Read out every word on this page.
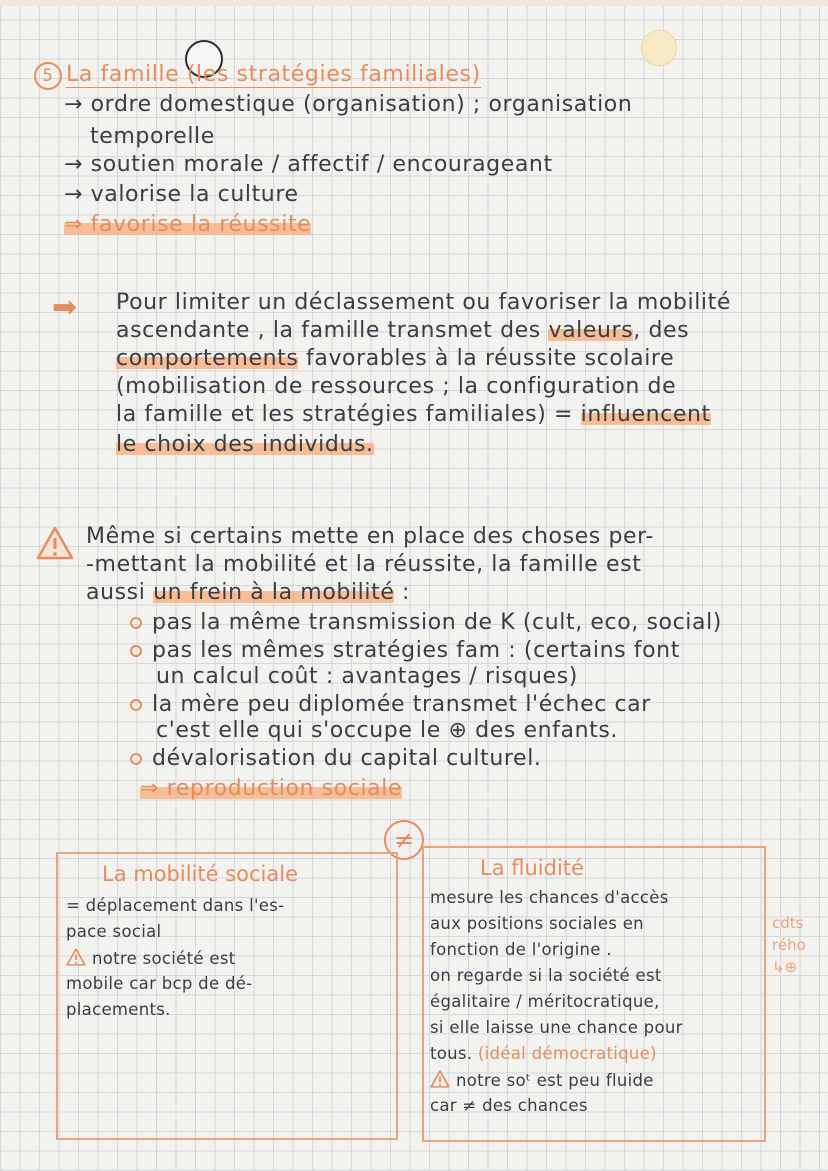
5 La famille (les stratégies familiales)
→ ordre domestique (organisation) ; organisation
temporelle
→ soutien morale / affectif / encourageant
→ valorise la culture
⇒ favorise la réussite
➡ Pour limiter un déclassement ou favoriser la mobilité
ascendante , la famille transmet des valeurs, des
comportements favorables à la réussite scolaire
(mobilisation de ressources ; la configuration de
la famille et les stratégies familiales) = influencent
le choix des individus.
Même si certains mette en place des choses per-
-mettant la mobilité et la réussite, la famille est
aussi un frein à la mobilité :
pas la même transmission de K (cult, eco, social)
pas les mêmes stratégies fam : (certains font
un calcul coût : avantages / risques)
la mère peu diplomée transmet l'échec car
c'est elle qui s'occupe le ⊕ des enfants.
dévalorisation du capital culturel.
⇒ reproduction sociale
≠
La mobilité sociale
= déplacement dans l'es-
pace social
notre société est
mobile car bcp de dé-
placements.
La fluidité
mesure les chances d'accès
aux positions sociales en
fonction de l'origine .
on regarde si la société est
égalitaire / méritocratique,
si elle laisse une chance pour
tous. (idéal démocratique)
notre soᵗ est peu fluide
car ≠ des chances
cdts
rého
↳⊕
